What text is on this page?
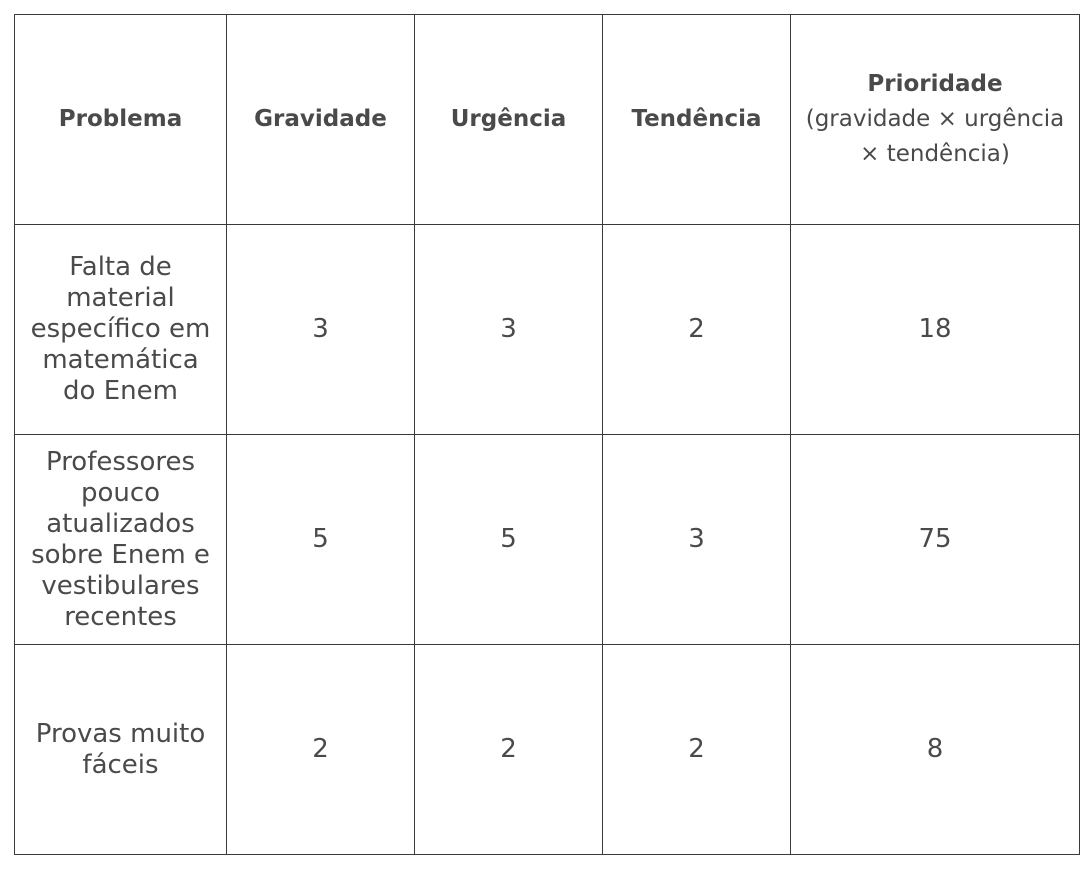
Problema	Gravidade	Urgência	Tendência	Prioridade
(gravidade × urgência × tendência)

Falta de material específico em matemática do Enem	3	3	2	18
Professores pouco atualizados sobre Enem e vestibulares recentes	5	5	3	75
Provas muito fáceis	2	2	2	8
